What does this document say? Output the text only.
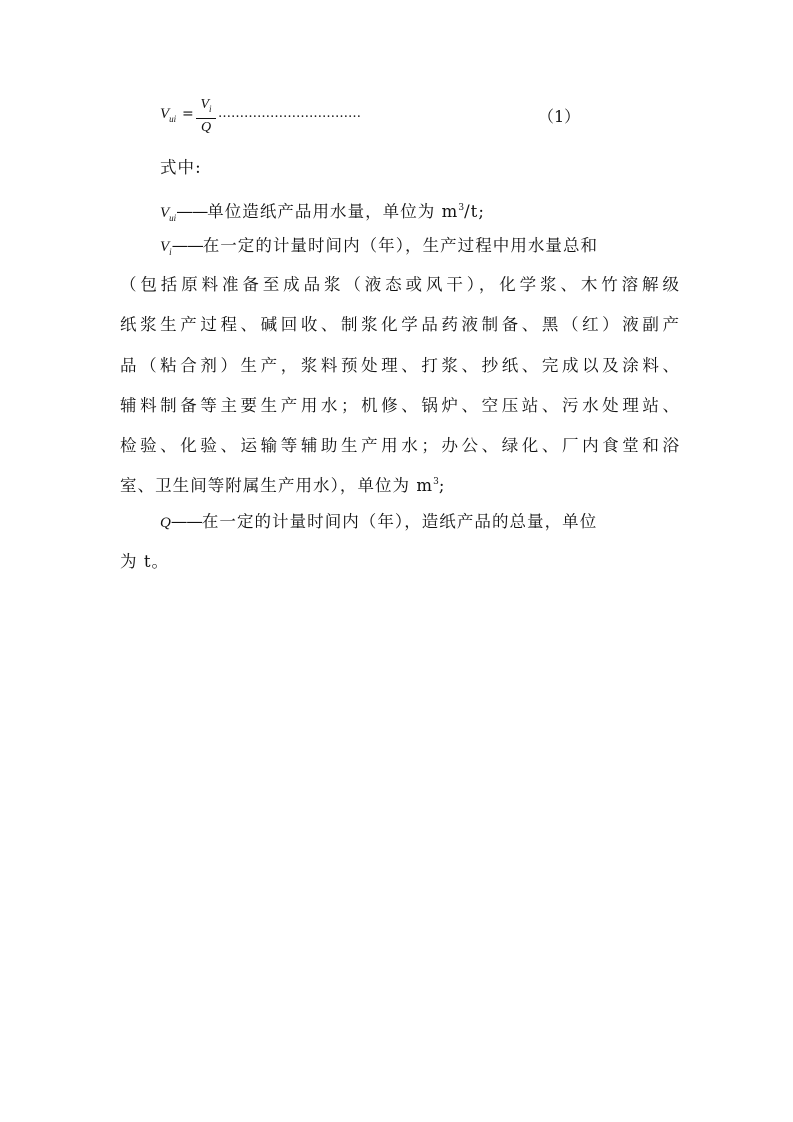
$V_{ui}$ =
$V_i$
Q
……………………………	（1）
式中:
$V_{ui}——$单位造纸产品用水量，单位为 $m^3/t$;
$V_i——$在一定的计量时间内（年），生产过程中用水量总和
（包括原料准备至成品浆（液态或风干），化学浆、木竹溶解级
纸浆生产过程、碱回收、制浆化学品药液制备、黑（红）液副产
品（粘合剂）生产，浆料预处理、打浆、抄纸、完成以及涂料、
辅料制备等主要生产用水；机修、锅炉、空压站、污水处理站、
检验、化验、运输等辅助生产用水；办公、绿化、厂内食堂和浴
室、卫生间等附属生产用水），单位为 $m^3$;
Q——在一定的计量时间内（年），造纸产品的总量，单位
为 t。
